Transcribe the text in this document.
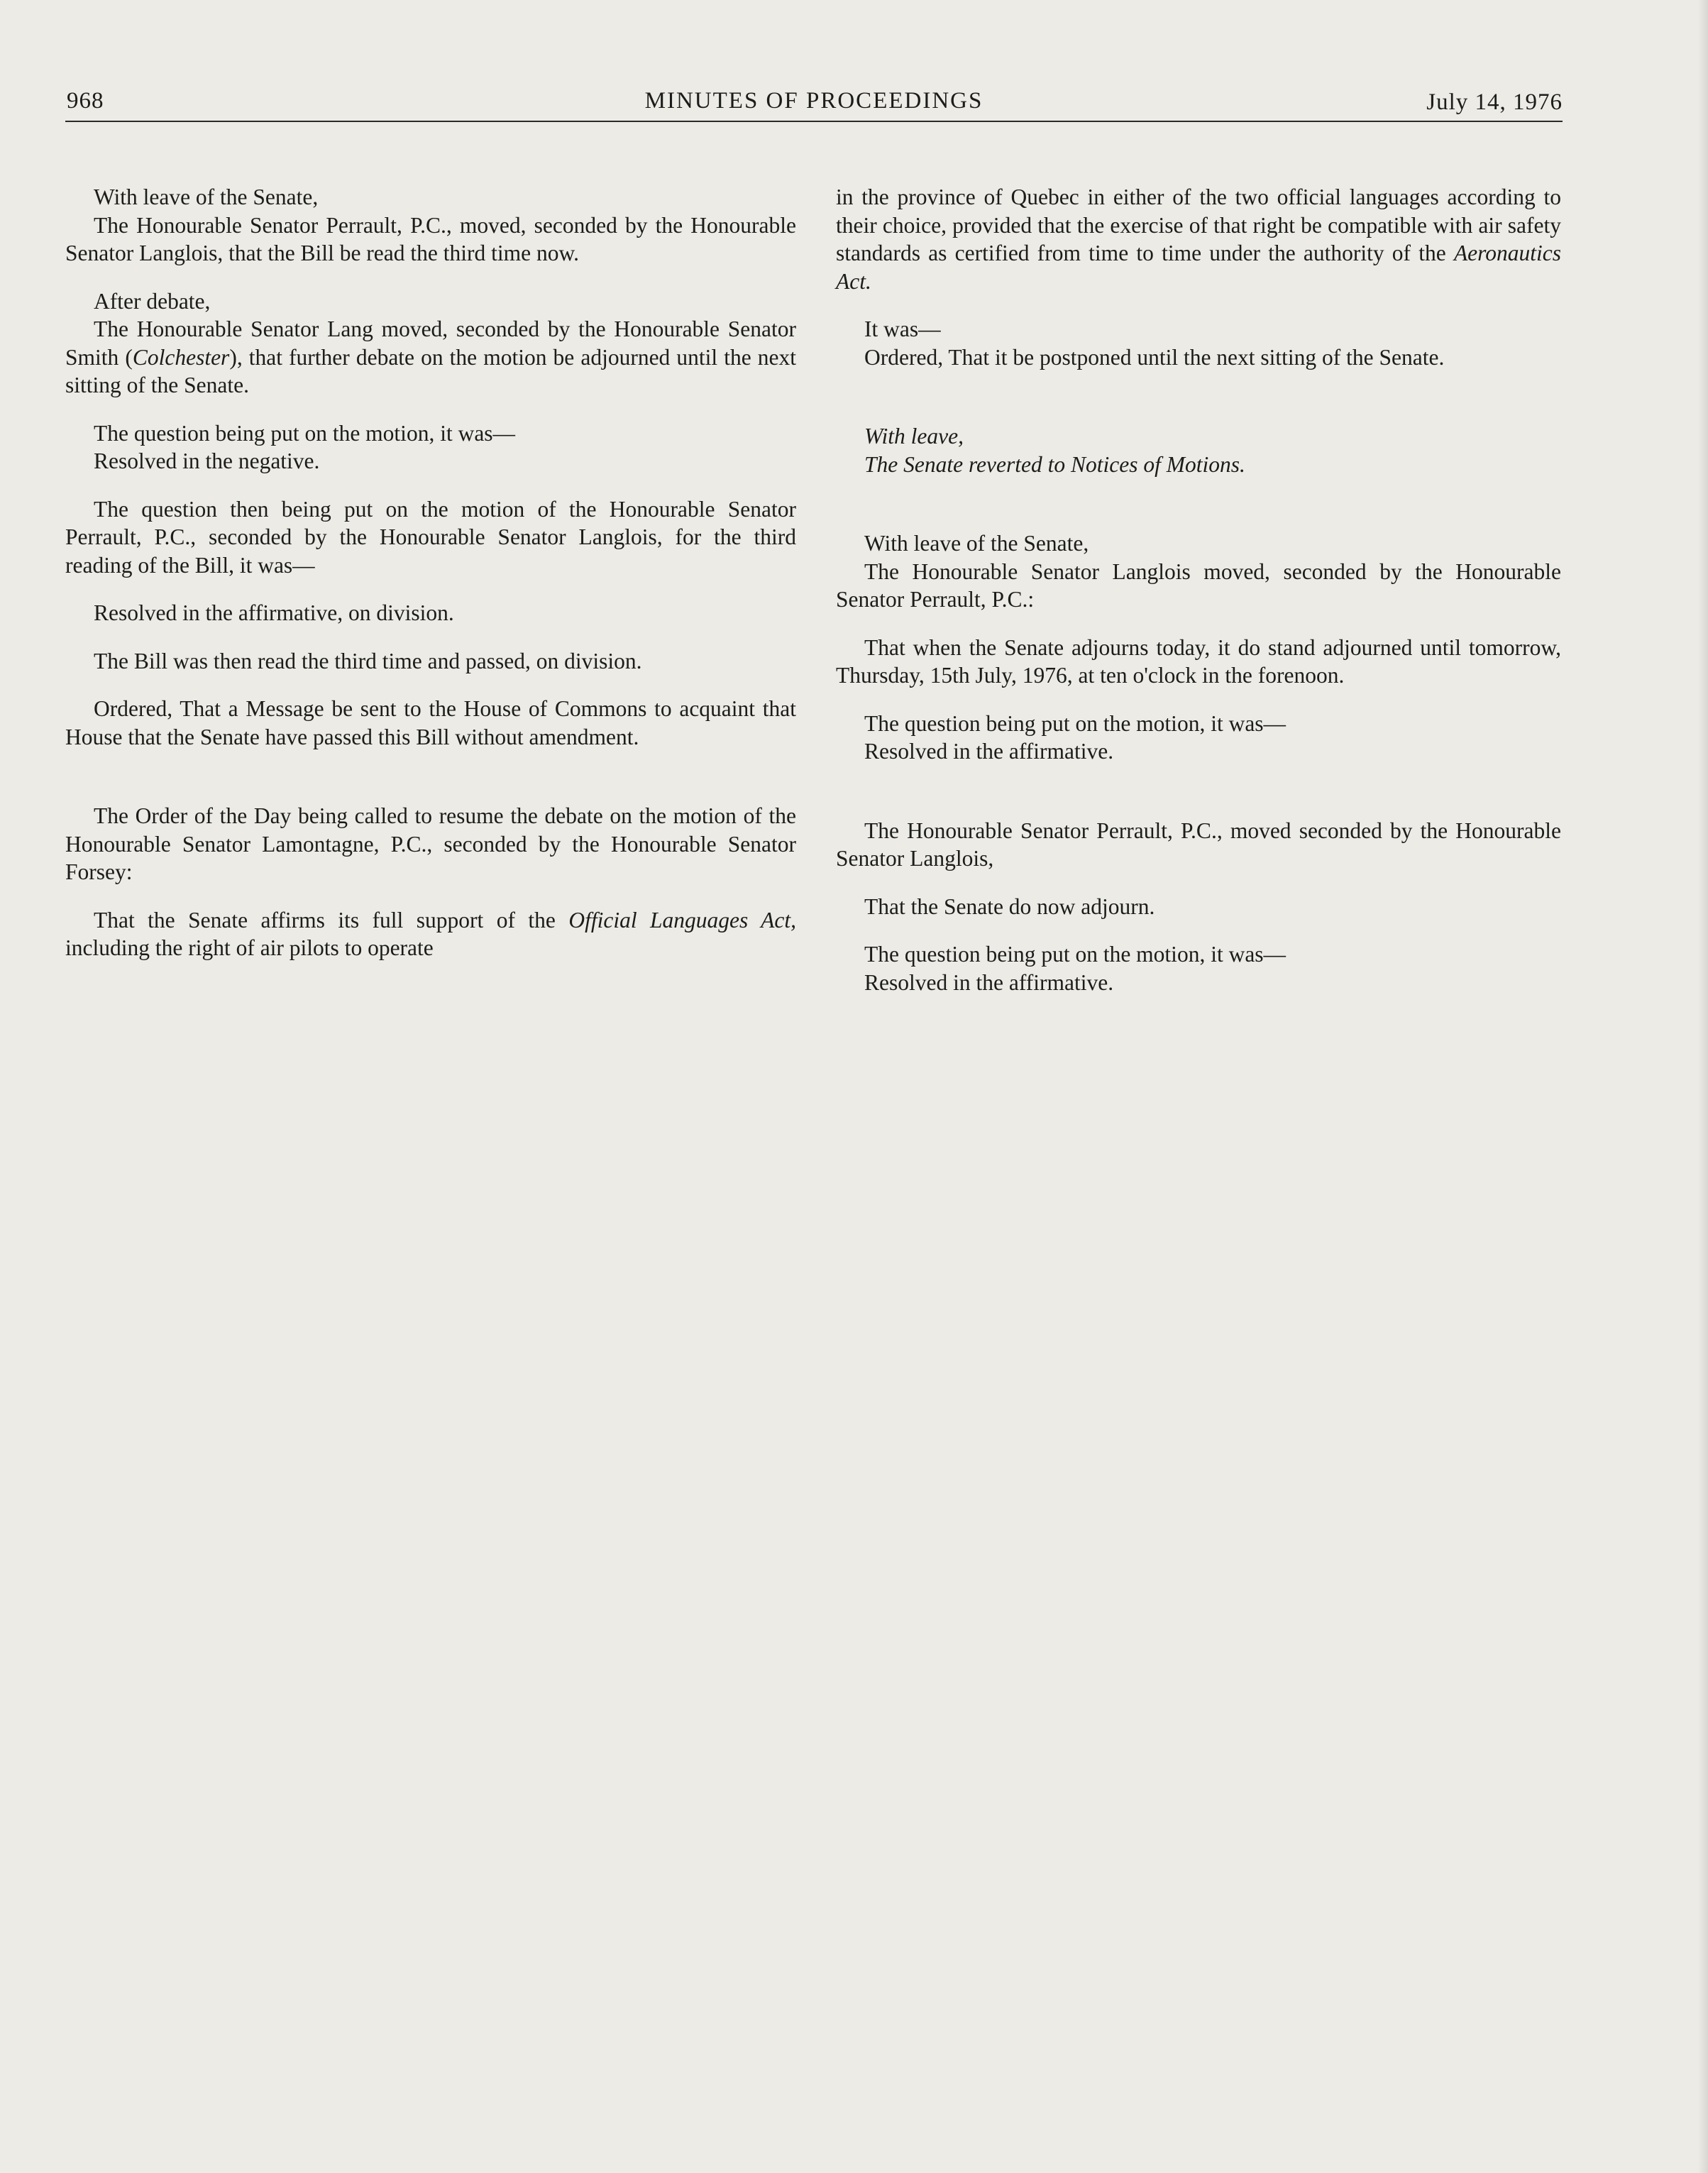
968	MINUTES OF PROCEEDINGS	July 14, 1976

With leave of the Senate,

The Honourable Senator Perrault, P.C., moved, seconded by the Honourable Senator Langlois, that the Bill be read the third time now.

After debate,

The Honourable Senator Lang moved, seconded by the Honourable Senator Smith (Colchester), that further debate on the motion be adjourned until the next sitting of the Senate.

The question being put on the motion, it was—

Resolved in the negative.

The question then being put on the motion of the Honourable Senator Perrault, P.C., seconded by the Honourable Senator Langlois, for the third reading of the Bill, it was—

Resolved in the affirmative, on division.

The Bill was then read the third time and passed, on division.

Ordered, That a Message be sent to the House of Commons to acquaint that House that the Senate have passed this Bill without amendment.

The Order of the Day being called to resume the debate on the motion of the Honourable Senator Lamontagne, P.C., seconded by the Honourable Senator Forsey:

That the Senate affirms its full support of the Official Languages Act, including the right of air pilots to operate

in the province of Quebec in either of the two official languages according to their choice, provided that the exercise of that right be compatible with air safety standards as certified from time to time under the authority of the Aeronautics Act.

It was—

Ordered, That it be postponed until the next sitting of the Senate.

With leave,

The Senate reverted to Notices of Motions.

With leave of the Senate,

The Honourable Senator Langlois moved, seconded by the Honourable Senator Perrault, P.C.:

That when the Senate adjourns today, it do stand adjourned until tomorrow, Thursday, 15th July, 1976, at ten o'clock in the forenoon.

The question being put on the motion, it was—

Resolved in the affirmative.

The Honourable Senator Perrault, P.C., moved seconded by the Honourable Senator Langlois,

That the Senate do now adjourn.

The question being put on the motion, it was—

Resolved in the affirmative.
